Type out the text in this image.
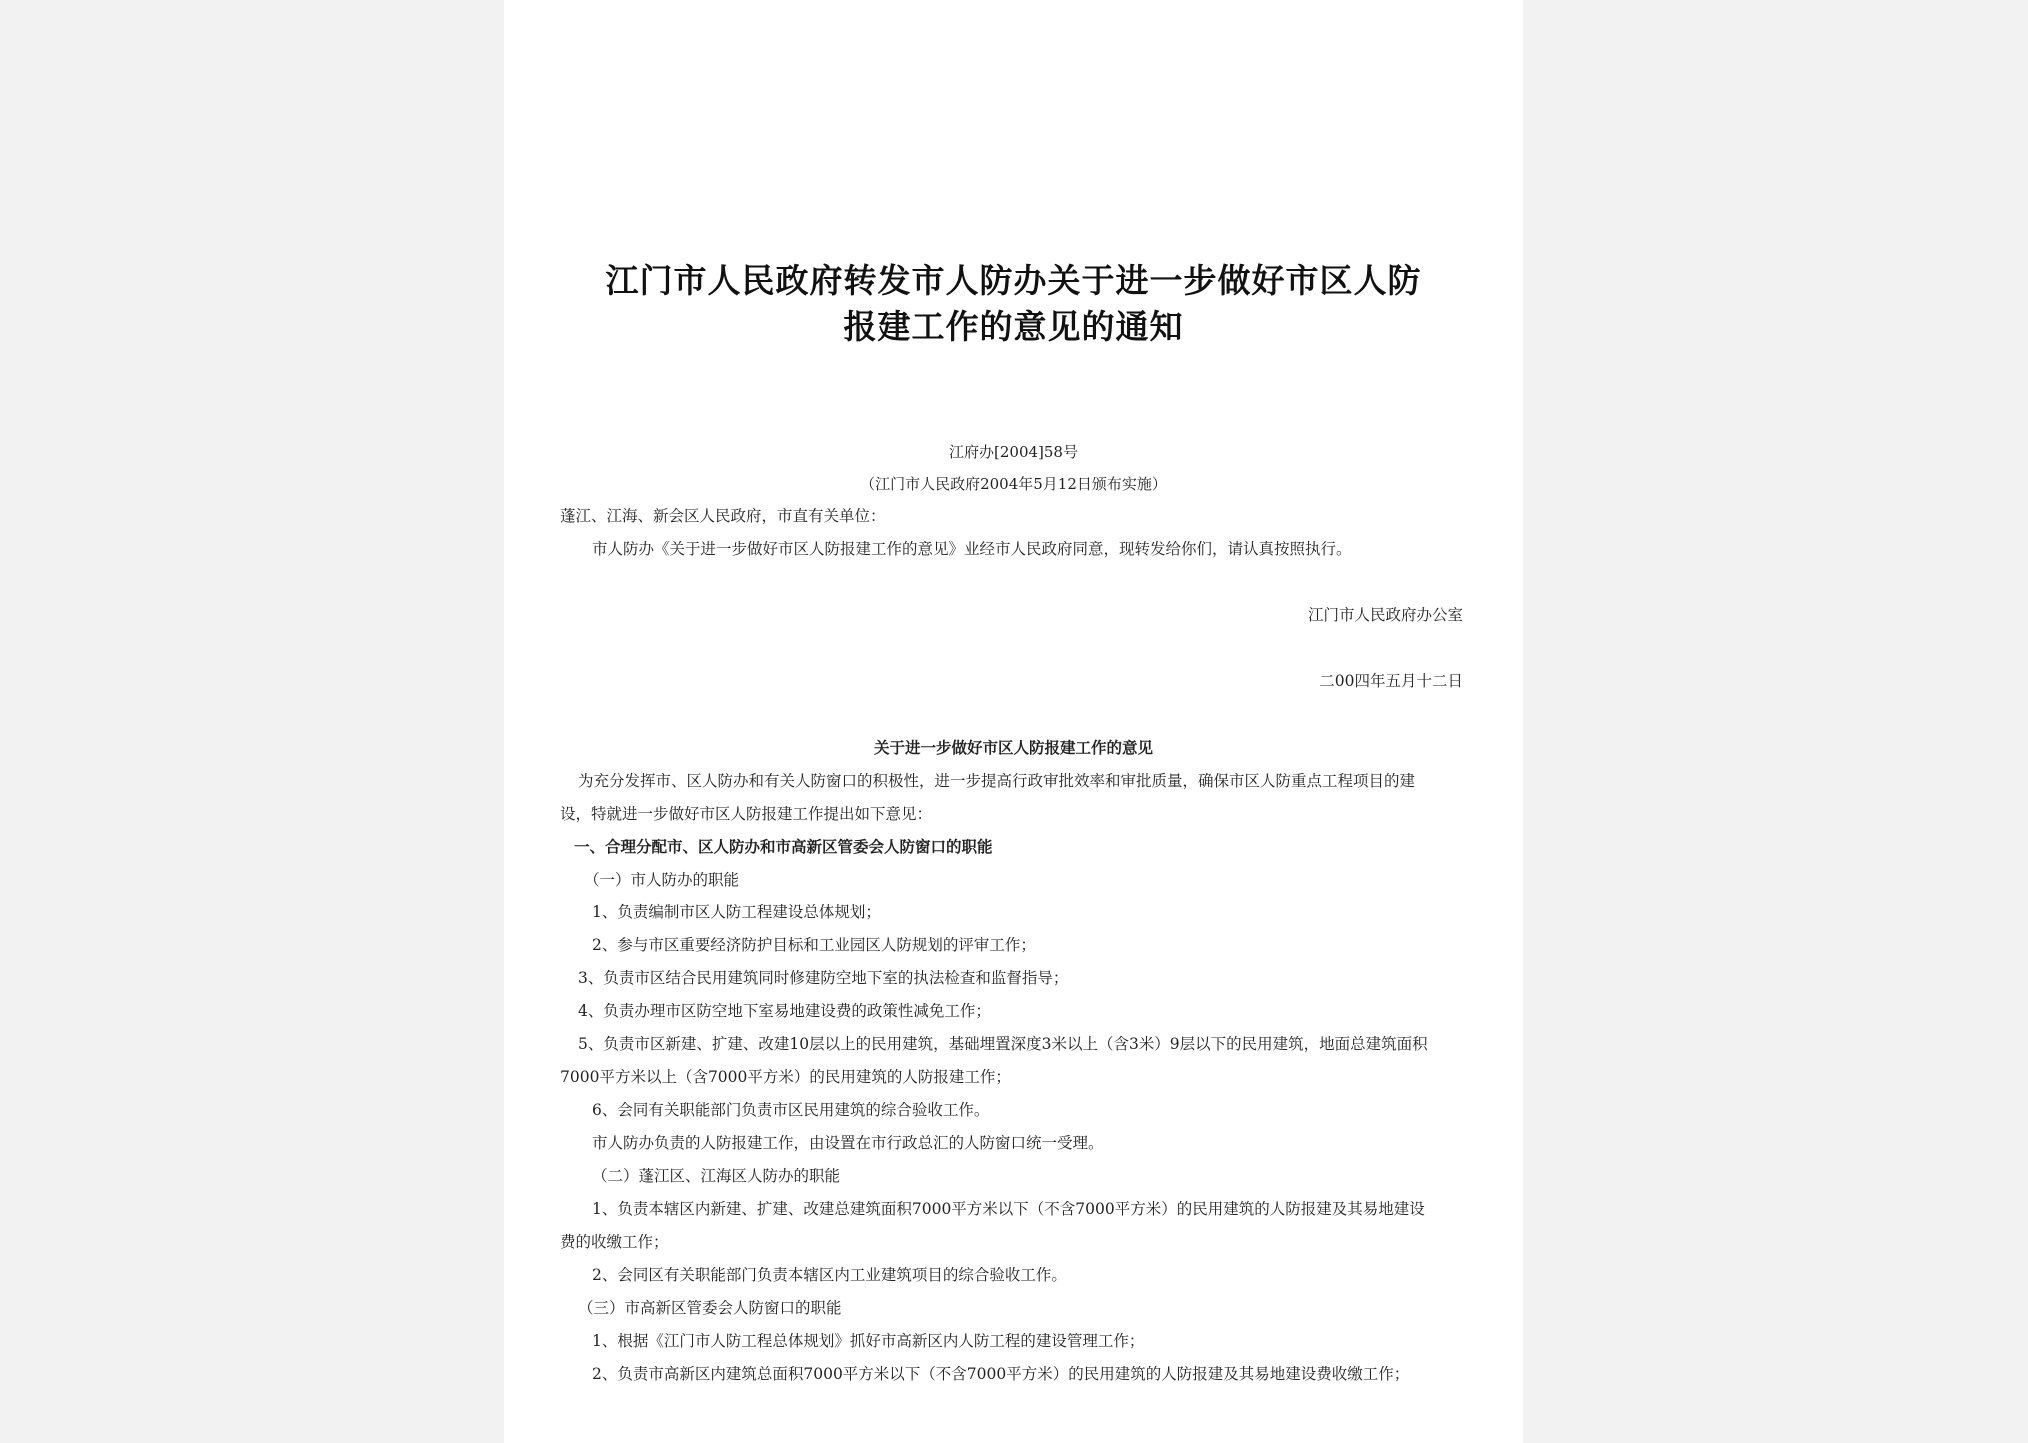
江门市人民政府转发市人防办关于进一步做好市区人防
报建工作的意见的通知

江府办[2004]58号

（江门市人民政府2004年5月12日颁布实施）

蓬江、江海、新会区人民政府，市直有关单位：

市人防办《关于进一步做好市区人防报建工作的意见》业经市人民政府同意，现转发给你们，请认真按照执行。

江门市人民政府办公室

二00四年五月十二日

关于进一步做好市区人防报建工作的意见

为充分发挥市、区人防办和有关人防窗口的积极性，进一步提高行政审批效率和审批质量，确保市区人防重点工程项目的建

设，特就进一步做好市区人防报建工作提出如下意见：

一、合理分配市、区人防办和市高新区管委会人防窗口的职能

（一）市人防办的职能

1、负责编制市区人防工程建设总体规划；

2、参与市区重要经济防护目标和工业园区人防规划的评审工作；

3、负责市区结合民用建筑同时修建防空地下室的执法检查和监督指导；

4、负责办理市区防空地下室易地建设费的政策性减免工作；

5、负责市区新建、扩建、改建10层以上的民用建筑，基础埋置深度3米以上（含3米）9层以下的民用建筑，地面总建筑面积

7000平方米以上（含7000平方米）的民用建筑的人防报建工作；

6、会同有关职能部门负责市区民用建筑的综合验收工作。

市人防办负责的人防报建工作，由设置在市行政总汇的人防窗口统一受理。

（二）蓬江区、江海区人防办的职能

1、负责本辖区内新建、扩建、改建总建筑面积7000平方米以下（不含7000平方米）的民用建筑的人防报建及其易地建设

费的收缴工作；

2、会同区有关职能部门负责本辖区内工业建筑项目的综合验收工作。

（三）市高新区管委会人防窗口的职能

1、根据《江门市人防工程总体规划》抓好市高新区内人防工程的建设管理工作；

2、负责市高新区内建筑总面积7000平方米以下（不含7000平方米）的民用建筑的人防报建及其易地建设费收缴工作；
